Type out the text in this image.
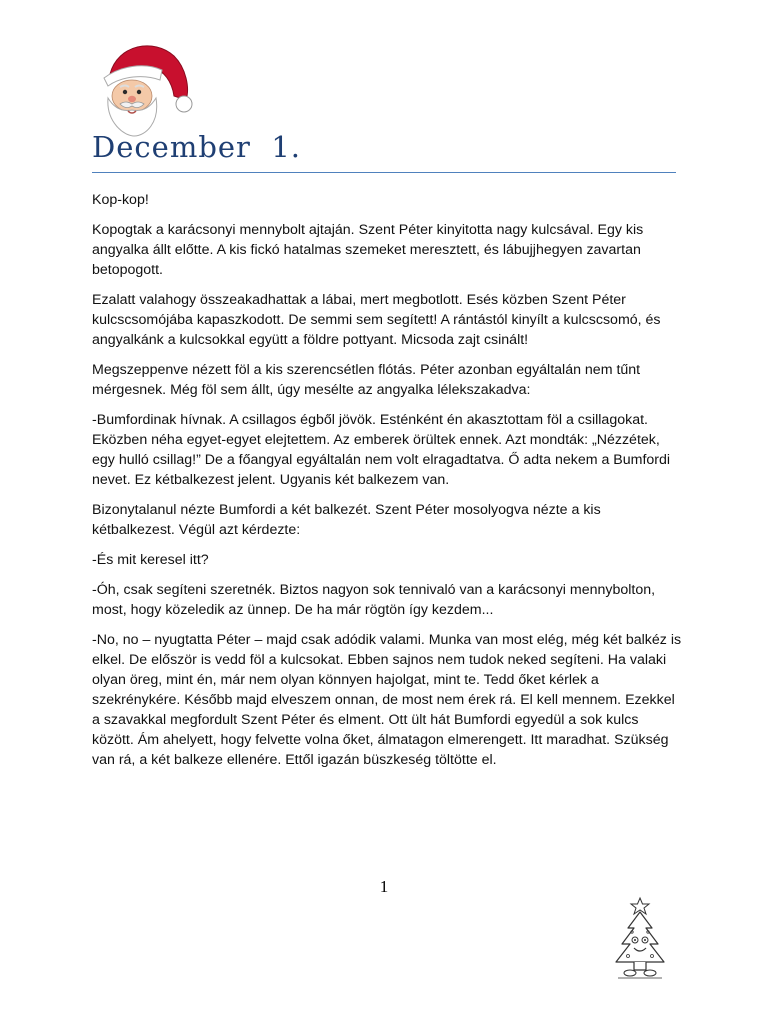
December  1.

Kop-kop!

Kopogtak a karácsonyi mennybolt ajtaján. Szent Péter kinyitotta nagy kulcsával. Egy kis angyalka állt előtte. A kis fickó hatalmas szemeket meresztett, és lábujjhegyen zavartan betopogott.

Ezalatt valahogy összeakadhattak a lábai, mert megbotlott. Esés közben Szent Péter kulcscsomójába kapaszkodott. De semmi sem segített! A rántástól kinyílt a kulcscsomó, és angyalkánk a kulcsokkal együtt a földre pottyant. Micsoda zajt csinált!

Megszeppenve nézett föl a kis szerencsétlen flótás. Péter azonban egyáltalán nem tűnt mérgesnek. Még föl sem állt, úgy mesélte az angyalka lélekszakadva:

-Bumfordinak hívnak. A csillagos égből jövök. Esténként én akasztottam föl a csillagokat. Eközben néha egyet-egyet elejtettem. Az emberek örültek ennek. Azt mondták: „Nézzétek, egy hulló csillag!” De a főangyal egyáltalán nem volt elragadtatva. Ő adta nekem a Bumfordi nevet. Ez kétbalkezest jelent. Ugyanis két balkezem van.

Bizonytalanul nézte Bumfordi a két balkezét. Szent Péter mosolyogva nézte a kis kétbalkezest. Végül azt kérdezte:

-És mit keresel itt?

-Óh, csak segíteni szeretnék. Biztos nagyon sok tennivaló van a karácsonyi mennybolton, most, hogy közeledik az ünnep. De ha már rögtön így kezdem...

-No, no – nyugtatta Péter – majd csak adódik valami. Munka van most elég, még két balkéz is elkel. De először is vedd föl a kulcsokat. Ebben sajnos nem tudok neked segíteni. Ha valaki olyan öreg, mint én, már nem olyan könnyen hajolgat, mint te. Tedd őket kérlek a szekrénykére. Később majd elveszem onnan, de most nem érek rá. El kell mennem. Ezekkel a szavakkal megfordult Szent Péter és elment. Ott ült hát Bumfordi egyedül a sok kulcs között. Ám ahelyett, hogy felvette volna őket, álmatagon elmerengett. Itt maradhat. Szükség van rá, a két balkeze ellenére. Ettől igazán büszkeség töltötte el.

1
